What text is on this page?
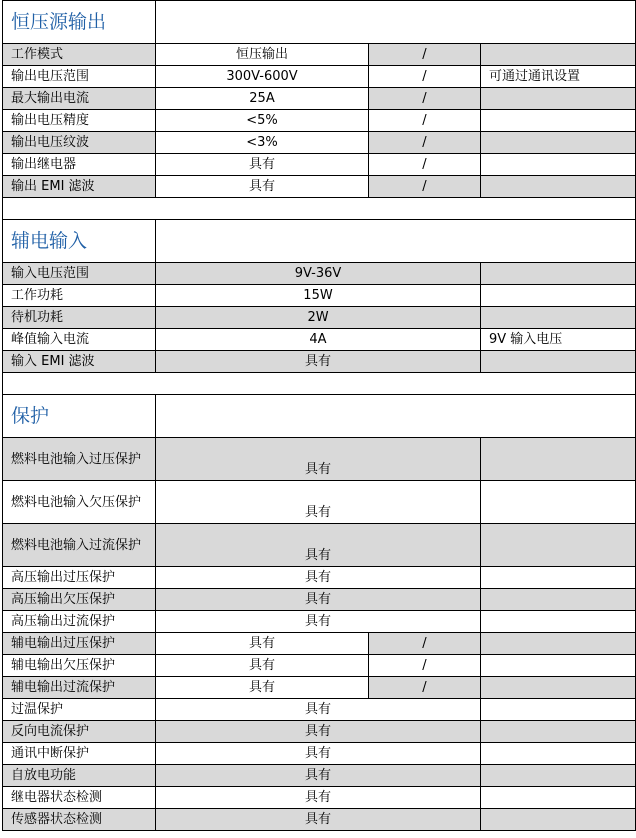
恒压源输出			
工作模式	恒压输出	/	
输出电压范围	300V-600V	/	可通过通讯设置
最大输出电流	25A	/	
输出电压精度	<5%	/	
输出电压纹波	<3%	/	
输出继电器	具有	/	
输出 EMI 滤波	具有	/	

辅电输入			
输入电压范围	9V-36V		
工作功耗	15W		
待机功耗	2W		
峰值输入电流	4A		9V 输入电压
输入 EMI 滤波	具有		

保护			
燃料电池输入过压保护	具有		
燃料电池输入欠压保护	具有		
燃料电池输入过流保护	具有		
高压输出过压保护	具有		
高压输出欠压保护	具有		
高压输出过流保护	具有		
辅电输出过压保护	具有	/	
辅电输出欠压保护	具有	/	
辅电输出过流保护	具有	/	
过温保护	具有		
反向电流保护	具有		
通讯中断保护	具有		
自放电功能	具有		
继电器状态检测	具有		
传感器状态检测	具有		
